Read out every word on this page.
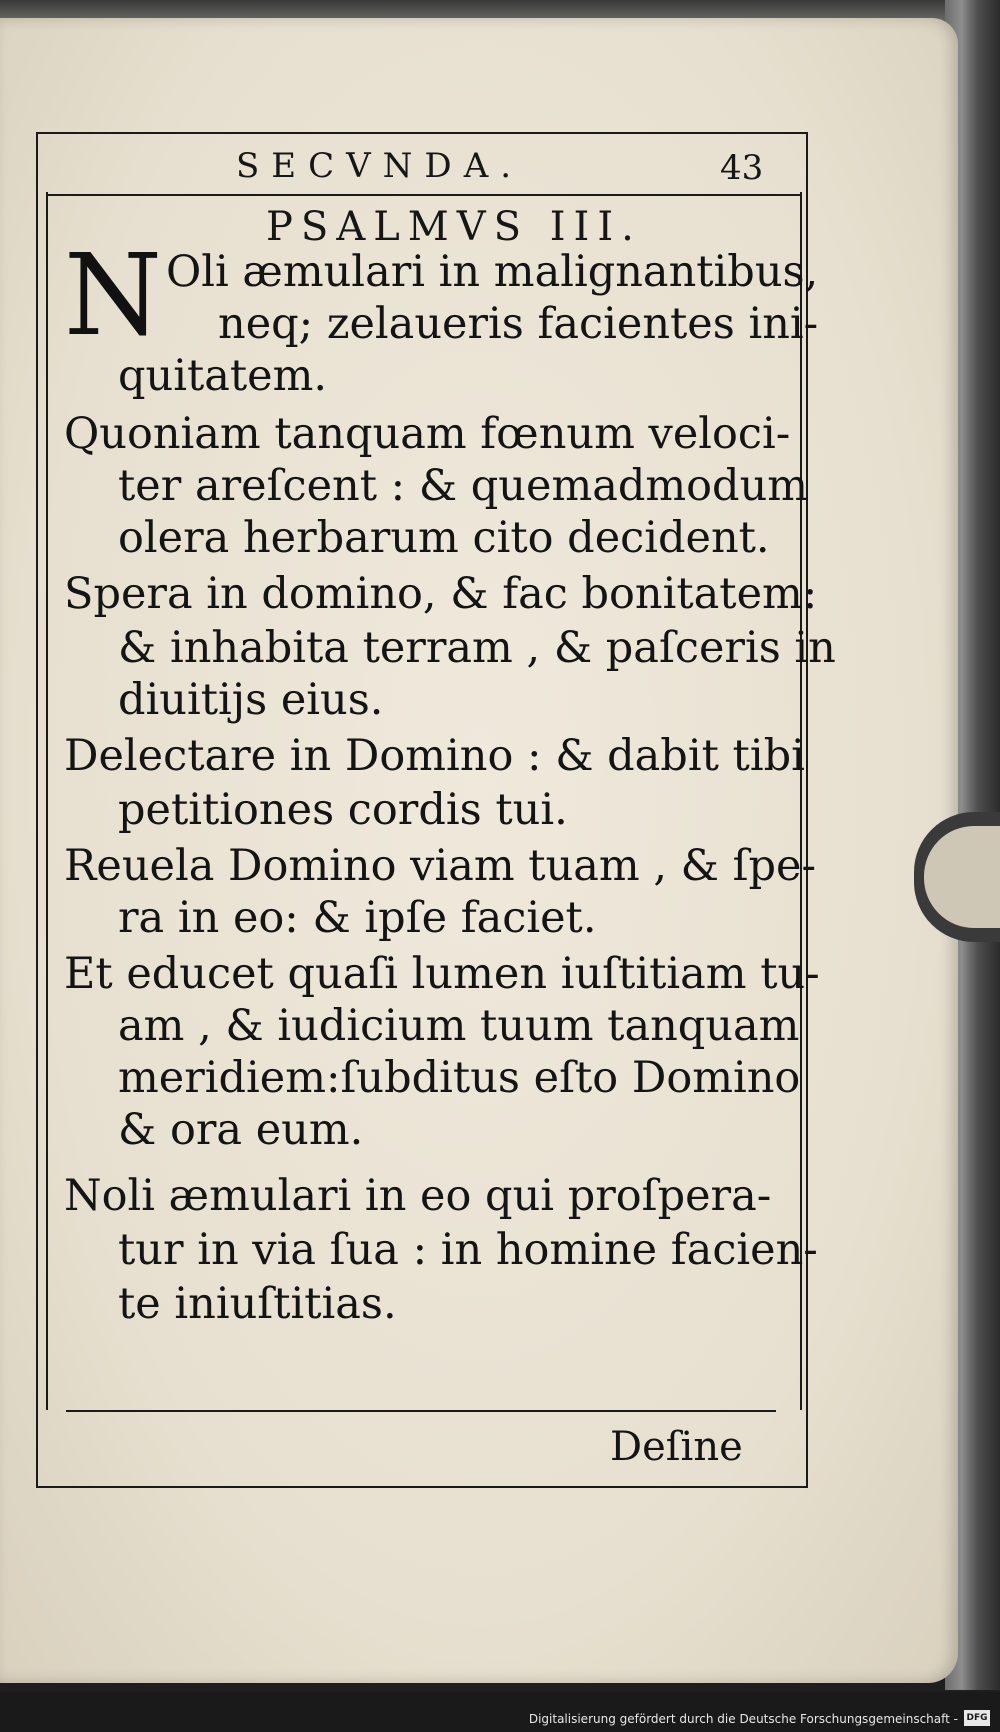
SECVNDA.	43
PSALMVS III.
N Oli æmulari in malignantibus,
neq; zelaueris facientes ini-
quitatem.
Quoniam tanquam fœnum veloci-
ter areſcent : & quemadmodum
olera herbarum cito decident.
Spera in domino, & fac bonitatem:
& inhabita terram , & paſceris in
diuitijs eius.
Delectare in Domino : & dabit tibi
petitiones cordis tui.
Reuela Domino viam tuam , & ſpe-
ra in eo: & ipſe faciet.
Et educet quaſi lumen iuſtitiam tu-
am , & iudicium tuum tanquam
meridiem:ſubditus eſto Domino
& ora eum.
Noli æmulari in eo qui proſpera-
tur in via ſua : in homine facien-
te iniuſtitias.
Deſine
Digitalisierung gefördert durch die Deutsche Forschungsgemeinschaft - DFG
